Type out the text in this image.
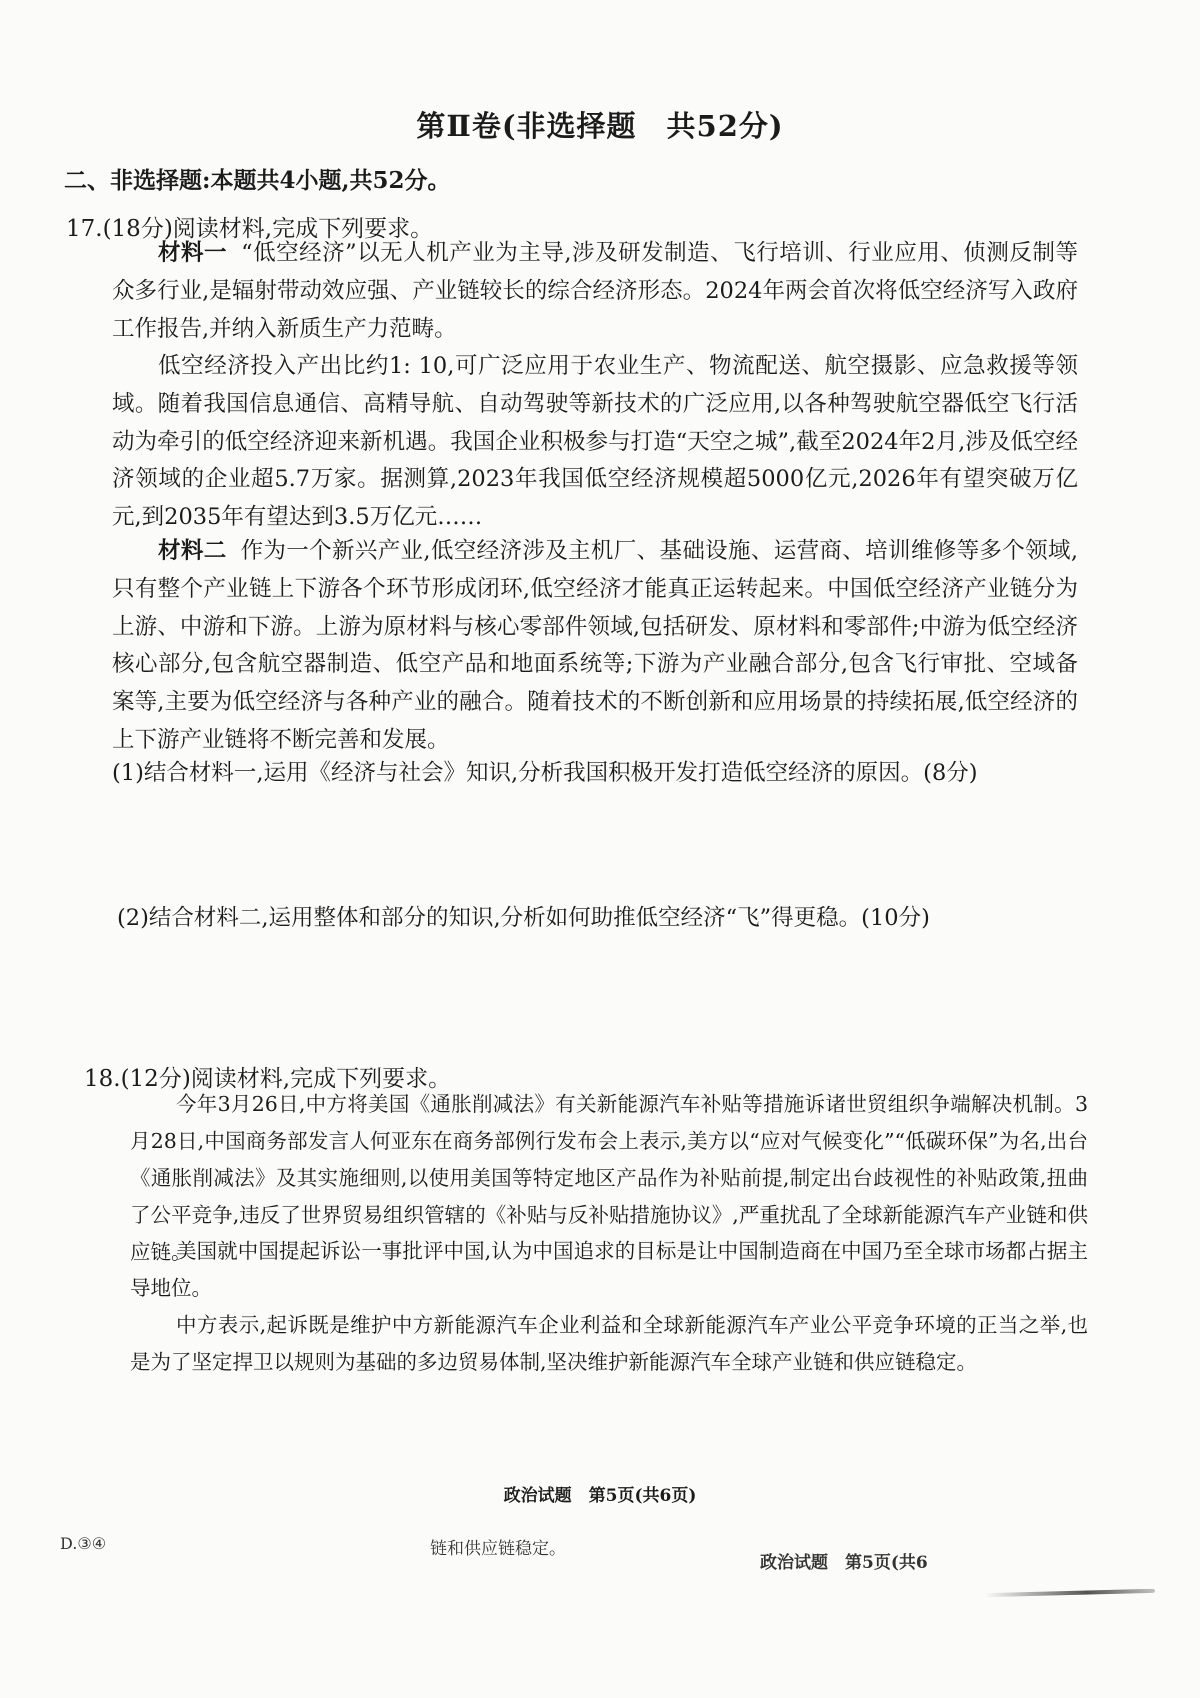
第Ⅱ卷(非选择题　共52分)
二、非选择题:本题共4小题,共52分。
17.(18分)阅读材料,完成下列要求。
材料一 “低空经济”以无人机产业为主导,涉及研发制造、飞行培训、行业应用、侦测反制等众多行业,是辐射带动效应强、产业链较长的综合经济形态。2024年两会首次将低空经济写入政府工作报告,并纳入新质生产力范畴。
低空经济投入产出比约1: 10,可广泛应用于农业生产、物流配送、航空摄影、应急救援等领域。随着我国信息通信、高精导航、自动驾驶等新技术的广泛应用,以各种驾驶航空器低空飞行活动为牵引的低空经济迎来新机遇。我国企业积极参与打造“天空之城”,截至2024年2月,涉及低空经济领域的企业超5.7万家。据测算,2023年我国低空经济规模超5000亿元,2026年有望突破万亿元,到2035年有望达到3.5万亿元……
材料二 作为一个新兴产业,低空经济涉及主机厂、基础设施、运营商、培训维修等多个领域,只有整个产业链上下游各个环节形成闭环,低空经济才能真正运转起来。中国低空经济产业链分为上游、中游和下游。上游为原材料与核心零部件领域,包括研发、原材料和零部件;中游为低空经济核心部分,包含航空器制造、低空产品和地面系统等;下游为产业融合部分,包含飞行审批、空域备案等,主要为低空经济与各种产业的融合。随着技术的不断创新和应用场景的持续拓展,低空经济的上下游产业链将不断完善和发展。
(1)结合材料一,运用《经济与社会》知识,分析我国积极开发打造低空经济的原因。(8分)
(2)结合材料二,运用整体和部分的知识,分析如何助推低空经济“飞”得更稳。(10分)
18.(12分)阅读材料,完成下列要求。
今年3月26日,中方将美国《通胀削减法》有关新能源汽车补贴等措施诉诸世贸组织争端解决机制。3月28日,中国商务部发言人何亚东在商务部例行发布会上表示,美方以“应对气候变化”“低碳环保”为名,出台《通胀削减法》及其实施细则,以使用美国等特定地区产品作为补贴前提,制定出台歧视性的补贴政策,扭曲了公平竞争,违反了世界贸易组织管辖的《补贴与反补贴措施协议》,严重扰乱了全球新能源汽车产业链和供应链。
美国就中国提起诉讼一事批评中国,认为中国追求的目标是让中国制造商在中国乃至全球市场都占据主导地位。
中方表示,起诉既是维护中方新能源汽车企业利益和全球新能源汽车产业公平竞争环境的正当之举,也是为了坚定捍卫以规则为基础的多边贸易体制,坚决维护新能源汽车全球产业链和供应链稳定。
政治试题　第5页(共6页)
D.③④	链和供应链稳定。
政治试题　第5页(共6
